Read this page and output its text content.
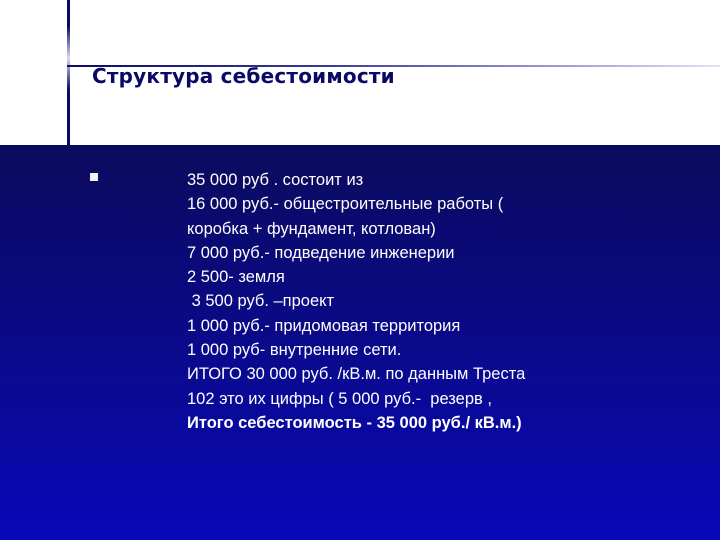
Структура себестоимости
35 000 руб . состоит из
16 000 руб.- общестроительные работы (
коробка + фундамент, котлован)
7 000 руб.- подведение инженерии
2 500- земля
3 500 руб. –проект
1 000 руб.- придомовая территория
1 000 руб- внутренние сети.
ИТОГО 30 000 руб. /кВ.м. по данным Треста
102 это их цифры ( 5 000 руб.-  резерв ,
Итого себестоимость - 35 000 руб./ кВ.м.)
